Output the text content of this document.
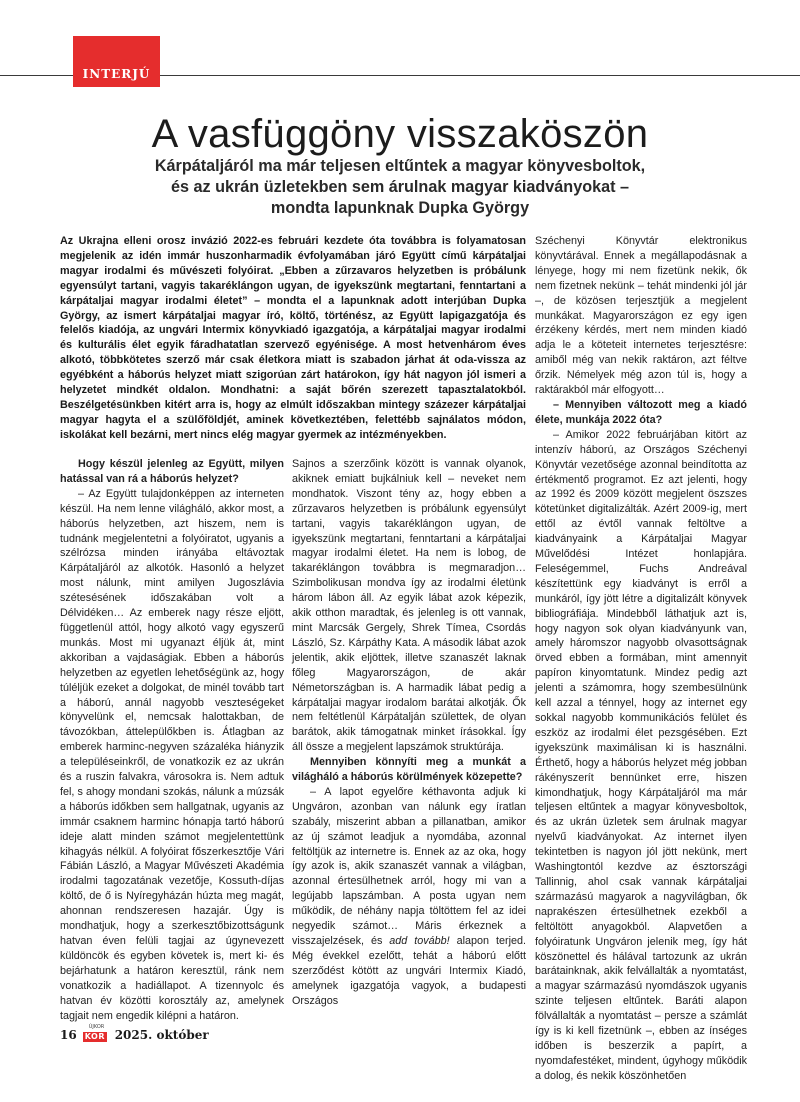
INTERJÚ
A vasfüggöny visszaköszön
Kárpátaljáról ma már teljesen eltűntek a magyar könyvesboltok,
és az ukrán üzletekben sem árulnak magyar kiadványokat –
mondta lapunknak Dupka György

Az Ukrajna elleni orosz invázió 2022-es februári kezdete óta továbbra is folyamatosan megjelenik az idén immár huszonharmadik évfolyamában járó Együtt című kárpátaljai magyar irodalmi és művészeti folyóirat. „Ebben a zűrzavaros helyzetben is próbálunk egyensúlyt tartani, vagyis takaréklángon ugyan, de igyekszünk megtartani, fenntartani a kárpátaljai magyar irodalmi életet” – mondta el a lapunknak adott interjúban Dupka György, az ismert kárpátaljai magyar író, költő, történész, az Együtt lapigazgatója és felelős kiadója, az ungvári Intermix könyvkiadó igazgatója, a kárpátaljai magyar irodalmi és kulturális élet egyik fáradhatatlan szervező egyénisége. A most hetvenhárom éves alkotó, többkötetes szerző már csak életkora miatt is szabadon járhat át oda-vissza az egyébként a háborús helyzet miatt szigorúan zárt határokon, így hát nagyon jól ismeri a helyzetet mindkét oldalon. Mondhatni: a saját bőrén szerezett tapasztalatokból. Beszélgetésünkben kitért arra is, hogy az elmúlt időszakban mintegy százezer kárpátaljai magyar hagyta el a szülőföldjét, aminek következtében, felettébb sajnálatos módon, iskolákat kell bezárni, mert nincs elég magyar gyermek az intézményekben.

Hogy készül jelenleg az Együtt, milyen hatással van rá a háborús helyzet?

– Az Együtt tulajdonképpen az interneten készül. Ha nem lenne világháló, akkor most, a háborús helyzetben, azt hiszem, nem is tudnánk megjelentetni a folyóiratot, ugyanis a szélrózsa minden irányába eltávoztak Kárpátaljáról az alkotók. Hasonló a helyzet most nálunk, mint amilyen Jugoszlávia szétesésének időszakában volt a Délvidéken… Az emberek nagy része eljött, függetlenül attól, hogy alkotó vagy egyszerű munkás. Most mi ugyanazt éljük át, mint akkoriban a vajdaságiak. Ebben a háborús helyzetben az egyetlen lehetőségünk az, hogy túléljük ezeket a dolgokat, de minél tovább tart a háború, annál nagyobb veszteségeket könyvelünk el, nemcsak halottakban, de távozókban, áttelepülőkben is. Átlagban az emberek harminc-negyven százaléka hiányzik a településeinkről, de vonatkozik ez az ukrán és a ruszin falvakra, városokra is. Nem adtuk fel, s ahogy mondani szokás, nálunk a múzsák a háborús időkben sem hallgatnak, ugyanis az immár csaknem harminc hónapja tartó háború ideje alatt minden számot megjelentettünk kihagyás nélkül. A folyóirat főszerkesztője Vári Fábián László, a Magyar Művészeti Akadémia irodalmi tagozatának vezetője, Kossuth-díjas költő, de ő is Nyíregyházán húzta meg magát, ahonnan rendszeresen hazajár. Úgy is mondhatjuk, hogy a szerkesztőbizottságunk hatvan éven felüli tagjai az úgynevezett küldöncök és egyben követek is, mert ki- és bejárhatunk a határon keresztül, ránk nem vonatkozik a hadiállapot. A tizennyolc és hatvan év közötti korosztály az, amelynek tagjait nem engedik kilépni a határon.

Sajnos a szerzőink között is vannak olyanok, akiknek emiatt bujkálniuk kell – neveket nem mondhatok. Viszont tény az, hogy ebben a zűrzavaros helyzetben is próbálunk egyensúlyt tartani, vagyis takaréklángon ugyan, de igyekszünk megtartani, fenntartani a kárpátaljai magyar irodalmi életet. Ha nem is lobog, de takaréklángon továbbra is megmaradjon… Szimbolikusan mondva így az irodalmi életünk három lábon áll. Az egyik lábat azok képezik, akik otthon maradtak, és jelenleg is ott vannak, mint Marcsák Gergely, Shrek Tímea, Csordás László, Sz. Kárpáthy Kata. A második lábat azok jelentik, akik eljöttek, illetve szanaszét laknak főleg Magyarországon, de akár Németországban is. A harmadik lábat pedig a kárpátaljai magyar irodalom barátai alkotják. Ők nem feltétlenül Kárpátalján születtek, de olyan barátok, akik támogatnak minket írásokkal. Így áll össze a megjelent lapszámok struktúrája.

Mennyiben könnyíti meg a munkát a világháló a háborús körülmények közepette?

– A lapot egyelőre kéthavonta adjuk ki Ungváron, azonban van nálunk egy íratlan szabály, miszerint abban a pillanatban, amikor az új számot leadjuk a nyomdába, azonnal feltöltjük az internetre is. Ennek az az oka, hogy így azok is, akik szanaszét vannak a világban, azonnal értesülhetnek arról, hogy mi van a legújabb lapszámban. A posta ugyan nem működik, de néhány napja töltöttem fel az idei negyedik számot… Máris érkeznek a visszajelzések, és add tovább! alapon terjed. Még évekkel ezelőtt, tehát a háború előtt szerződést kötött az ungvári Intermix Kiadó, amelynek igazgatója vagyok, a budapesti Országos

Széchenyi Könyvtár elektronikus könyvtárával. Ennek a megállapodásnak a lényege, hogy mi nem fizetünk nekik, ők nem fizetnek nekünk – tehát mindenki jól jár –, de közösen terjesztjük a megjelent munkákat. Magyarországon ez egy igen érzékeny kérdés, mert nem minden kiadó adja le a köteteit internetes terjesztésre: amiből még van nekik raktáron, azt féltve őrzik. Némelyek még azon túl is, hogy a raktárakból már elfogyott…

– Mennyiben változott meg a kiadó élete, munkája 2022 óta?

– Amikor 2022 februárjában kitört az intenzív háború, az Országos Széchenyi Könyvtár vezetősége azonnal beindította az értékmentő programot. Ez azt jelenti, hogy az 1992 és 2009 között megjelent öszszes kötetünket digitalizálták. Azért 2009-ig, mert ettől az évtől vannak feltöltve a kiadványaink a Kárpátaljai Magyar Művelődési Intézet honlapjára. Feleségemmel, Fuchs Andreával készítettünk egy kiadványt is erről a munkáról, így jött létre a digitalizált könyvek bibliográfiája. Mindebből láthatjuk azt is, hogy nagyon sok olyan kiadványunk van, amely háromszor nagyobb olvasottságnak örved ebben a formában, mint amennyit papíron kinyomtatunk. Mindez pedig azt jelenti a számomra, hogy szembesülnünk kell azzal a ténnyel, hogy az internet egy sokkal nagyobb kommunikációs felület és eszköz az irodalmi élet pezsgésében. Ezt igyekszünk maximálisan ki is használni. Érthető, hogy a háborús helyzet még jobban rákényszerít bennünket erre, hiszen kimondhatjuk, hogy Kárpátaljáról ma már teljesen eltűntek a magyar könyvesboltok, és az ukrán üzletek sem árulnak magyar nyelvű kiadványokat. Az internet ilyen tekintetben is nagyon jól jött nekünk, mert Washingtontól kezdve az észtországi Tallinnig, ahol csak vannak kárpátaljai származású magyarok a nagyvilágban, ők naprakészen értesülhetnek ezekből a feltöltött anyagokból. Alapvetően a folyóiratunk Ungváron jelenik meg, így hát köszönettel és hálával tartozunk az ukrán barátainknak, akik felvállalták a nyomtatást, a magyar származású nyomdászok ugyanis szinte teljesen eltűntek. Baráti alapon fölvállalták a nyomtatást – persze a számlát így is ki kell fizetnünk –, ebben az ínséges időben is beszerzik a papírt, a nyomdafestéket, mindent, úgyhogy működik a dolog, és nekik köszönhetően

16
ÚJKOR
KOR 2025. október
